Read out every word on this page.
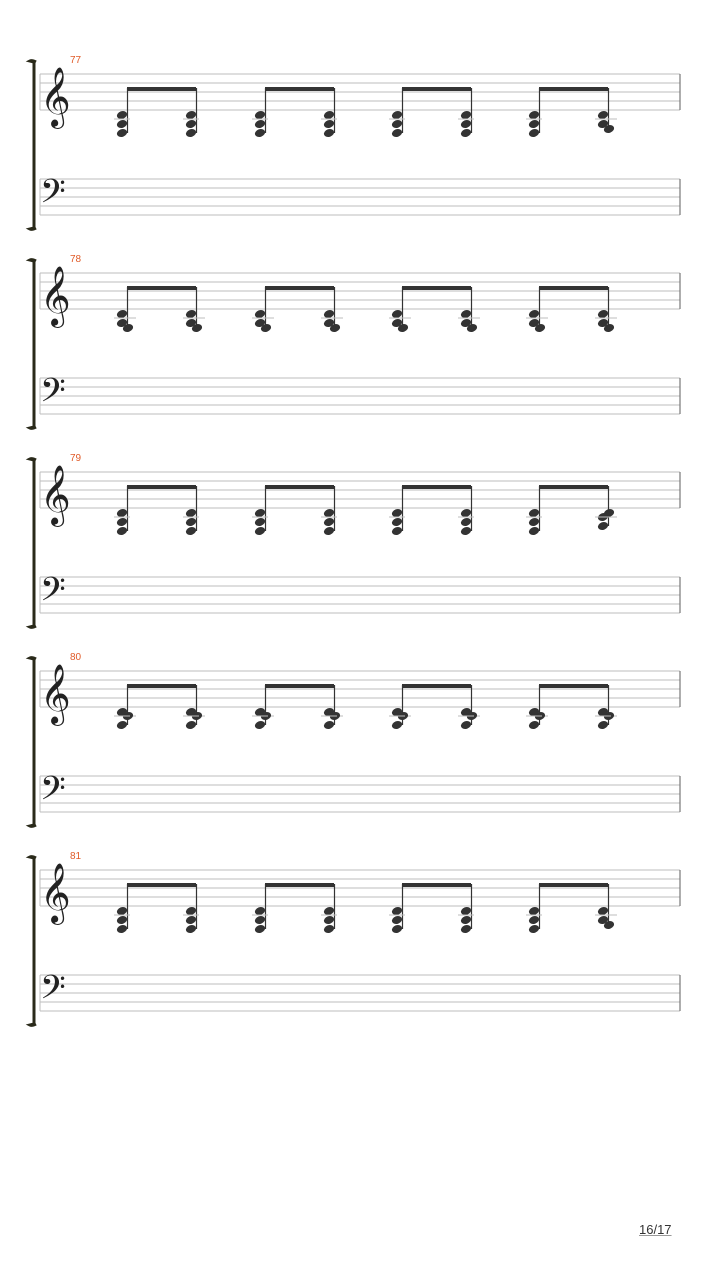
𝄞
𝄢
𝄞
𝄢
𝄞
𝄢
𝄞
𝄢
𝄞
𝄢
16/17
77
78
79
80
81
